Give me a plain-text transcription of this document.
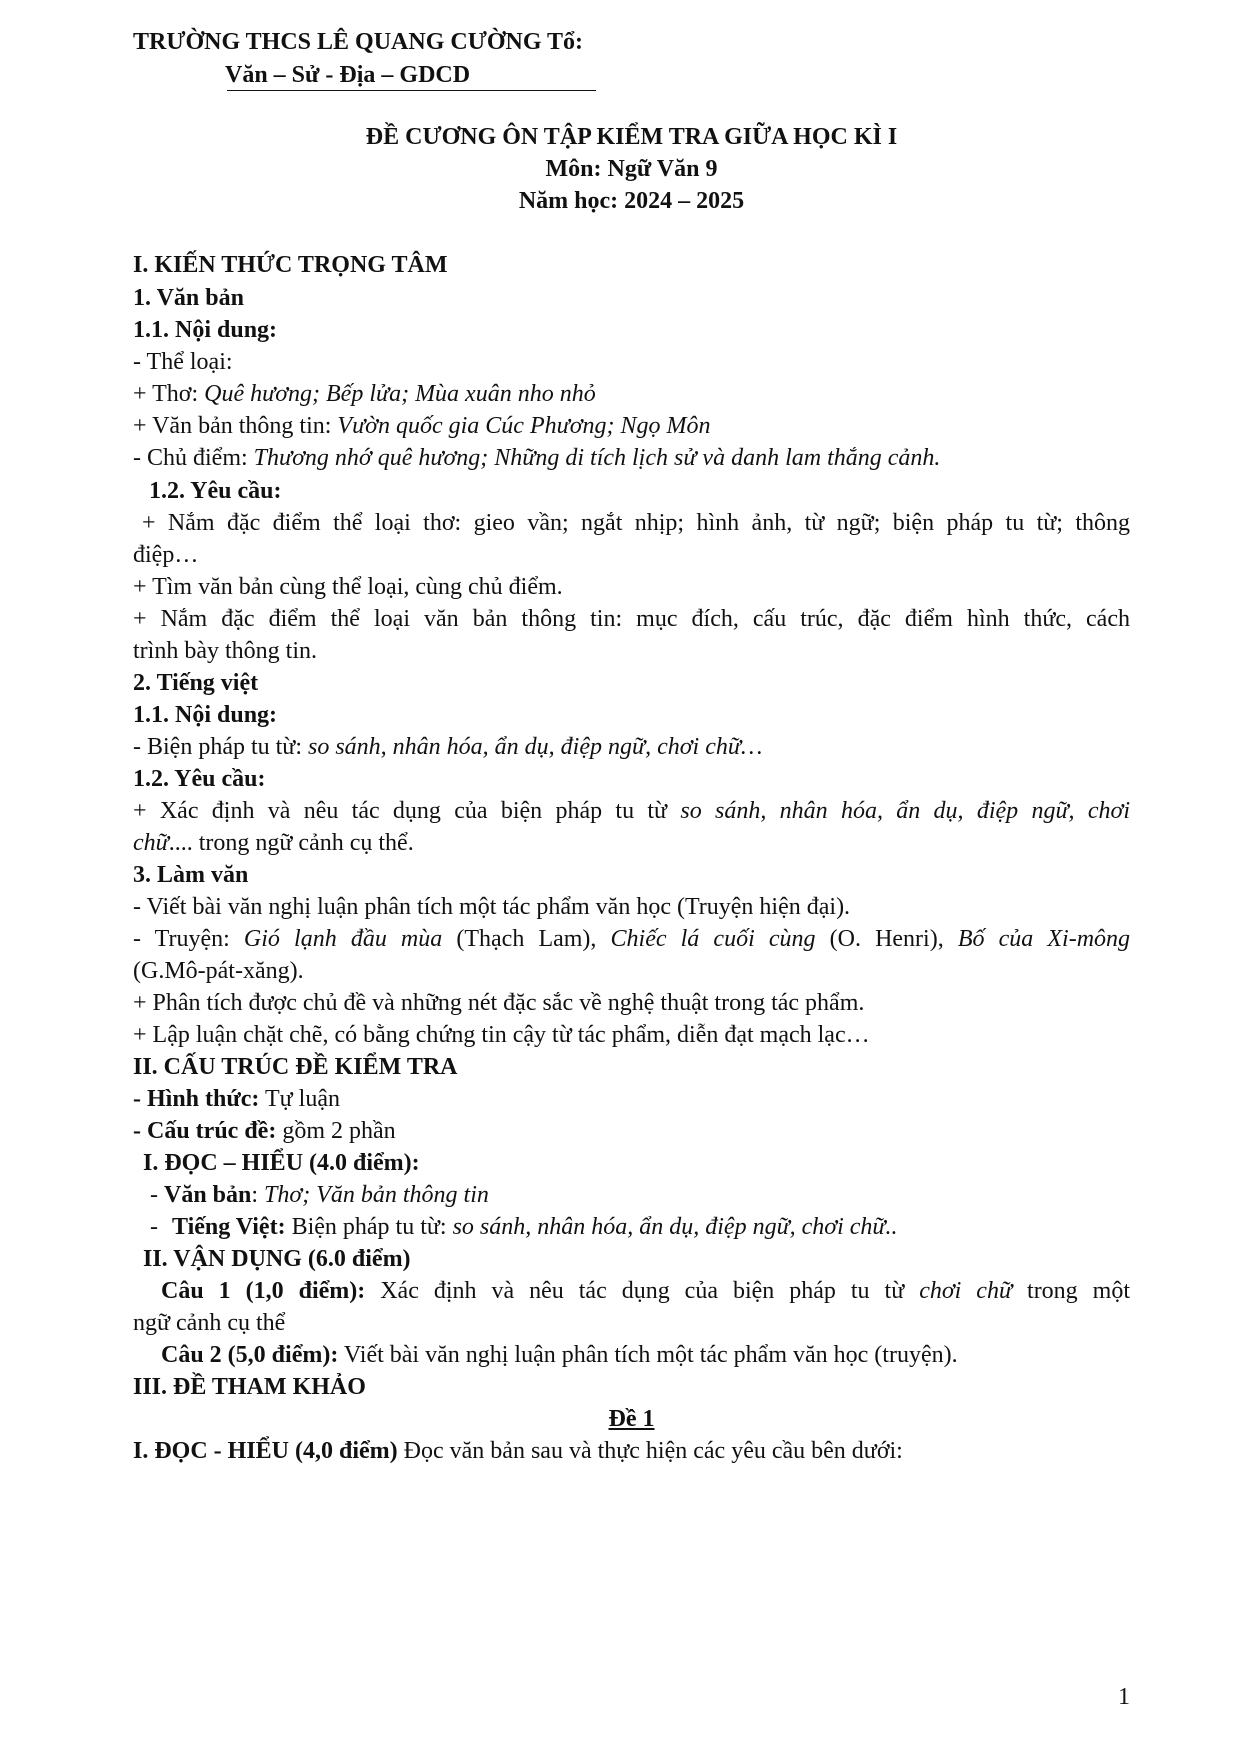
TRƯỜNG THCS LÊ QUANG CƯỜNG Tổ:
Văn – Sử - Địa – GDCD
ĐỀ CƯƠNG ÔN TẬP KIỂM TRA GIỮA HỌC KÌ I
Môn: Ngữ Văn 9
Năm học: 2024 – 2025
I. KIẾN THỨC TRỌNG TÂM
1. Văn bản
1.1. Nội dung:
- Thể loại:
+ Thơ: Quê hương; Bếp lửa; Mùa xuân nho nhỏ
+ Văn bản thông tin: Vườn quốc gia Cúc Phương; Ngọ Môn
- Chủ điểm: Thương nhớ quê hương; Những di tích lịch sử và danh lam thắng cảnh.
1.2. Yêu cầu:
+ Nắm đặc điểm thể loại thơ: gieo vần; ngắt nhịp; hình ảnh, từ ngữ; biện pháp tu từ; thông
điệp…
+ Tìm văn bản cùng thể loại, cùng chủ điểm.
+ Nắm đặc điểm thể loại văn bản thông tin: mục đích, cấu trúc, đặc điểm hình thức, cách
trình bày thông tin.
2. Tiếng việt
1.1. Nội dung:
- Biện pháp tu từ: so sánh, nhân hóa, ẩn dụ, điệp ngữ, chơi chữ…
1.2. Yêu cầu:
+ Xác định và nêu tác dụng của biện pháp tu từ so sánh, nhân hóa, ẩn dụ, điệp ngữ, chơi
chữ.... trong ngữ cảnh cụ thể.
3. Làm văn
- Viết bài văn nghị luận phân tích một tác phẩm văn học (Truyện hiện đại).
- Truyện: Gió lạnh đầu mùa (Thạch Lam), Chiếc lá cuối cùng (O. Henri), Bố của Xi-mông
(G.Mô-pát-xăng).
+ Phân tích được chủ đề và những nét đặc sắc về nghệ thuật trong tác phẩm.
+ Lập luận chặt chẽ, có bằng chứng tin cậy từ tác phẩm, diễn đạt mạch lạc…
II. CẤU TRÚC ĐỀ KIỂM TRA
- Hình thức: Tự luận
- Cấu trúc đề: gồm 2 phần
I. ĐỌC – HIỂU (4.0 điểm):
- Văn bản: Thơ; Văn bản thông tin
- Tiếng Việt: Biện pháp tu từ: so sánh, nhân hóa, ẩn dụ, điệp ngữ, chơi chữ..
II. VẬN DỤNG (6.0 điểm)
Câu 1 (1,0 điểm): Xác định và nêu tác dụng của biện pháp tu từ chơi chữ trong một
ngữ cảnh cụ thể
Câu 2 (5,0 điểm): Viết bài văn nghị luận phân tích một tác phẩm văn học (truyện).
III. ĐỀ THAM KHẢO
Đề 1
I. ĐỌC - HIỂU (4,0 điểm) Đọc văn bản sau và thực hiện các yêu cầu bên dưới:
1
